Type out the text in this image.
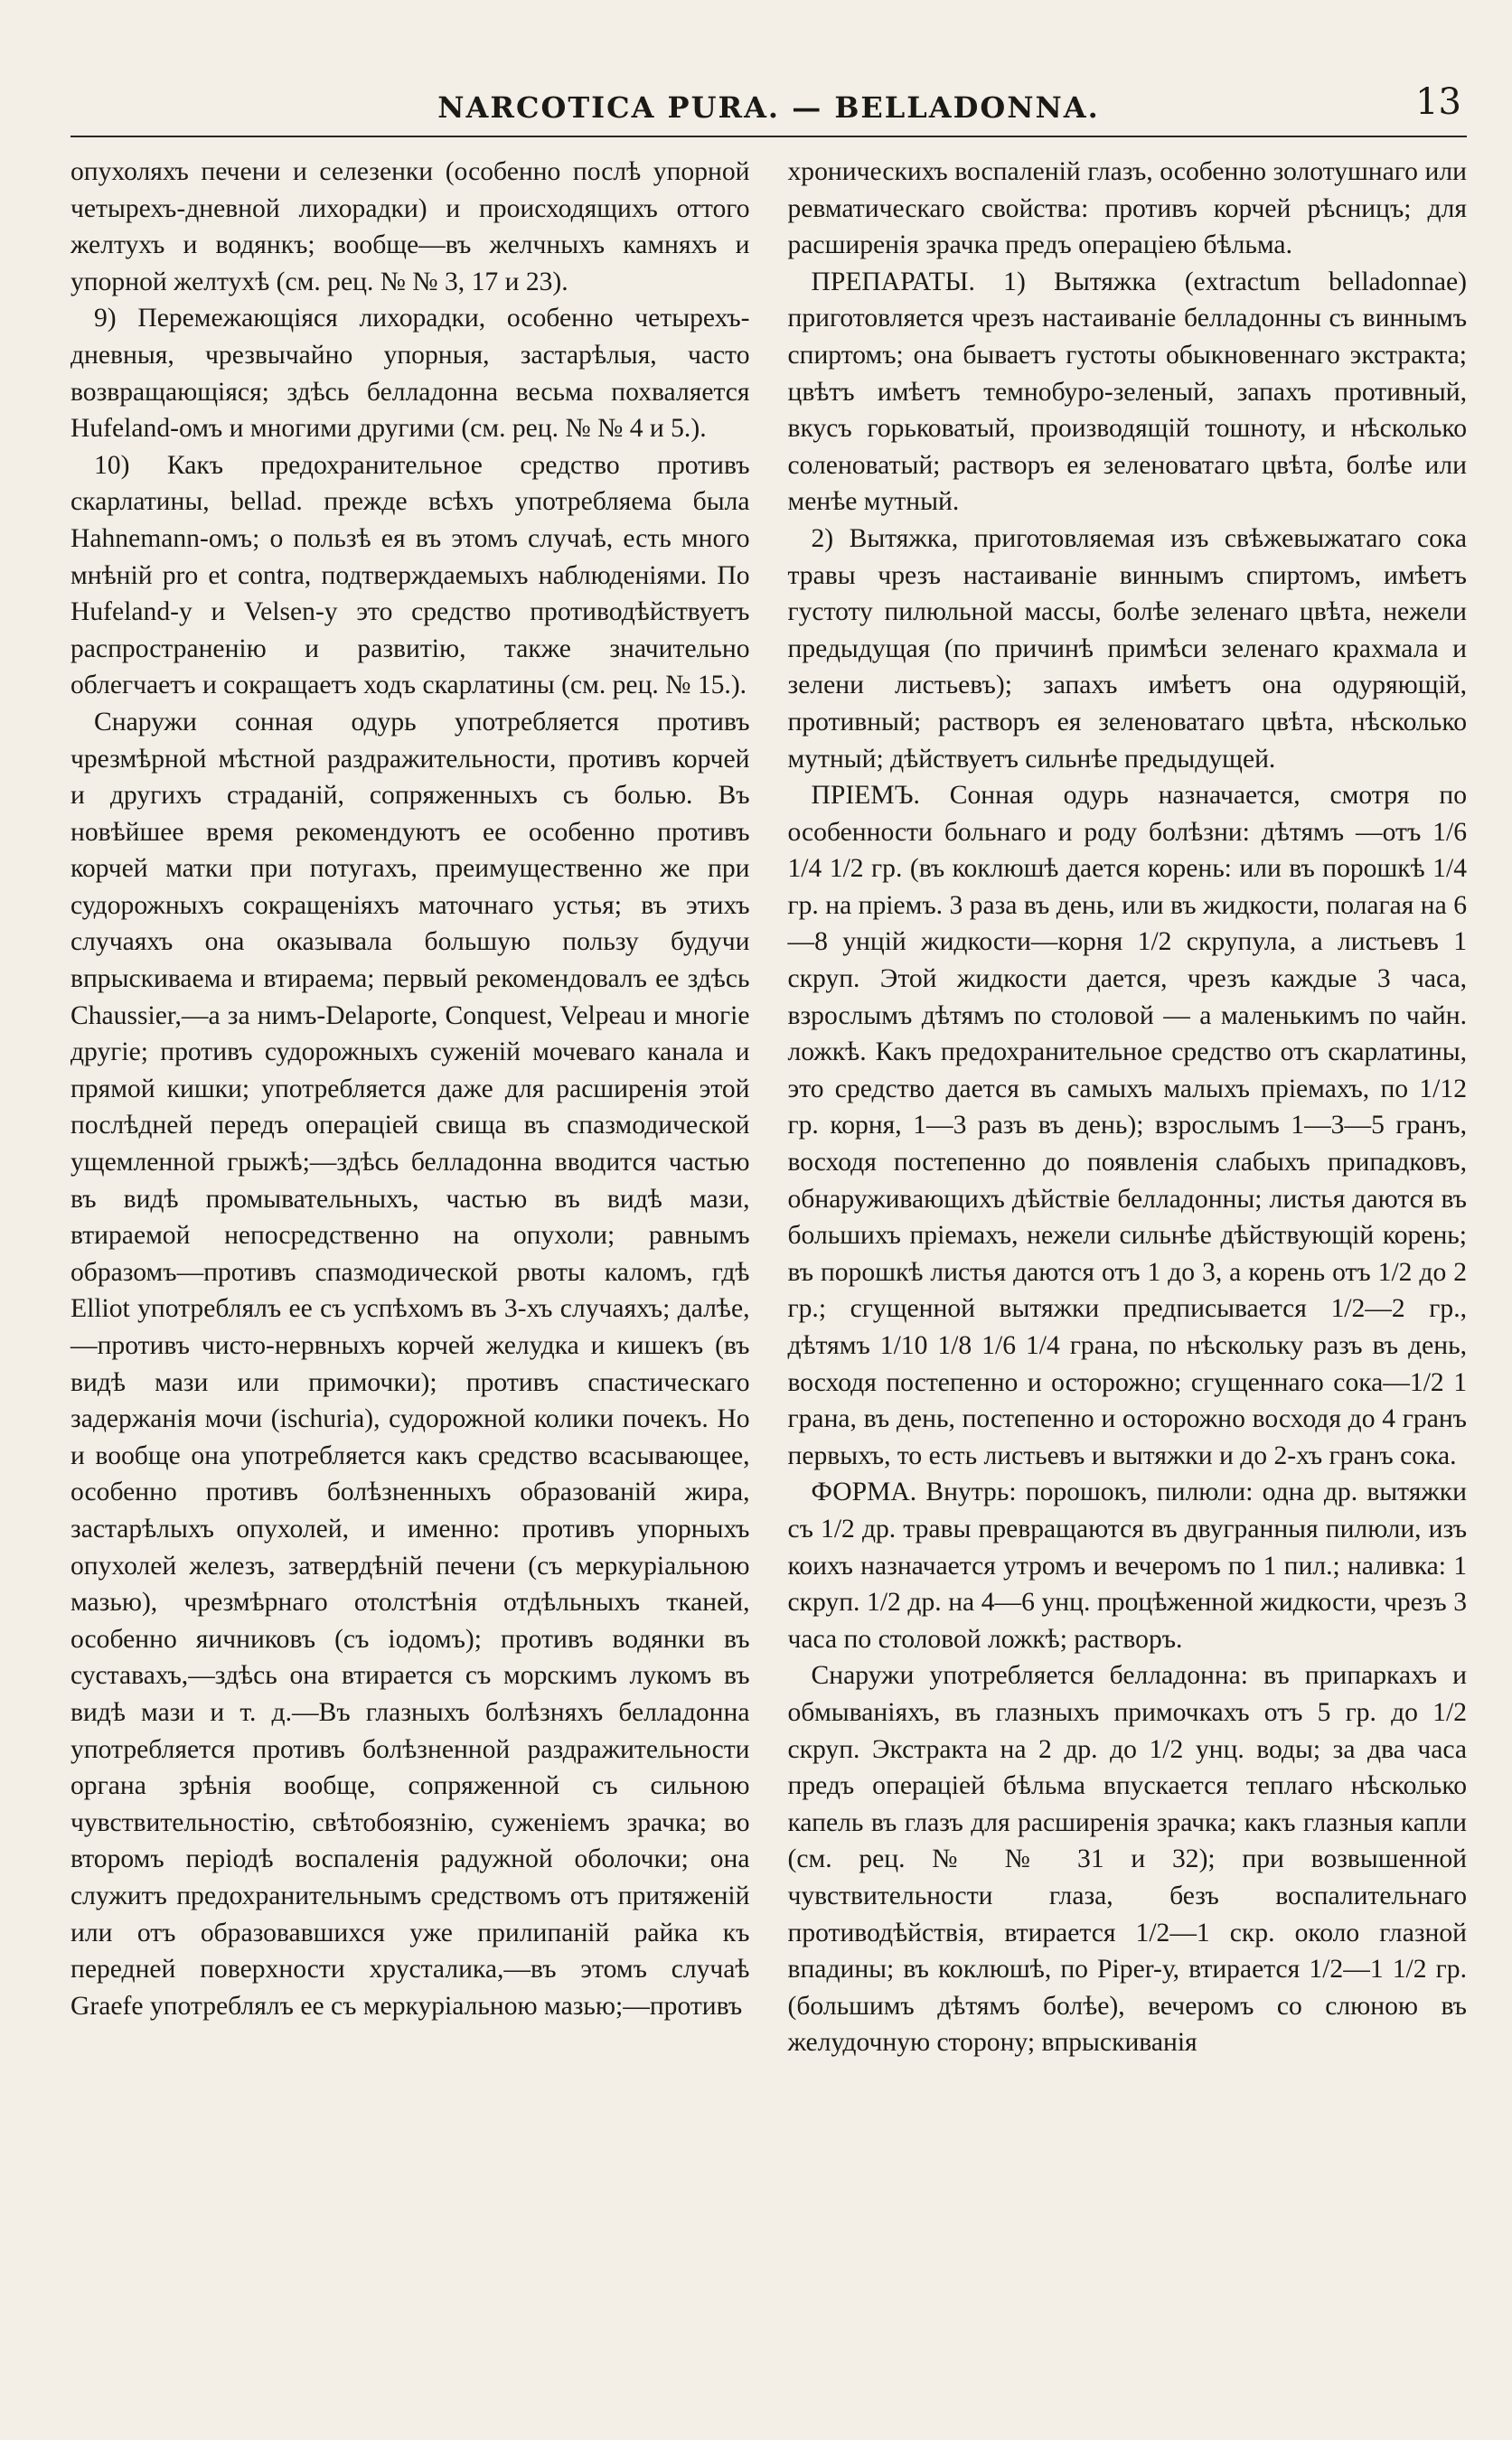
NARCOTICA PURA. — BELLADONNA.	13

опухоляхъ печени и селезенки (особенно послѣ упорной четырехъ-дневной лихорадки) и происходящихъ оттого желтухъ и водянкъ; вообще—въ желчныхъ камняхъ и упорной желтухѣ (см. рец. № № 3, 17 и 23).

9) Перемежающіяся лихорадки, особенно четырехъ-дневныя, чрезвычайно упорныя, застарѣлыя, часто возвращающіяся; здѣсь белладонна весьма похваляется Hufeland-омъ и многими другими (см. рец. № № 4 и 5.).

10) Какъ предохранительное средство противъ скарлатины, bellad. прежде всѣхъ употребляема была Hahnemann-омъ; о пользѣ ея въ этомъ случаѣ, есть много мнѣній pro et contra, подтверждаемыхъ наблюденіями. По Hufeland-у и Velsen-у это средство противодѣйствуетъ распространенію и развитію, также значительно облегчаетъ и сокращаетъ ходъ скарлатины (см. рец. № 15.).

Снаружи сонная одурь употребляется противъ чрезмѣрной мѣстной раздражительности, противъ корчей и другихъ страданій, сопряженныхъ съ болью. Въ новѣйшее время рекомендуютъ ее особенно противъ корчей матки при потугахъ, преимущественно же при судорожныхъ сокращеніяхъ маточнаго устья; въ этихъ случаяхъ она оказывала большую пользу будучи впрыскиваема и втираема; первый рекомендовалъ ее здѣсь Chaussier,—а за нимъ-Delaporte, Conquest, Velpeau и многіе другіе; противъ судорожныхъ суженій мочеваго канала и прямой кишки; употребляется даже для расширенія этой послѣдней передъ операціей свища въ спазмодической ущемленной грыжѣ;—здѣсь белладонна вводится частью въ видѣ промывательныхъ, частью въ видѣ мази, втираемой непосредственно на опухоли; равнымъ образомъ—противъ спазмодической рвоты каломъ, гдѣ Elliot употреблялъ ее съ успѣхомъ въ 3-хъ случаяхъ; далѣе,—противъ чисто-нервныхъ корчей желудка и кишекъ (въ видѣ мази или примочки); противъ спастическаго задержанія мочи (ischuria), судорожной колики почекъ. Но и вообще она употребляется какъ средство всасывающее, особенно противъ болѣзненныхъ образованій жира, застарѣлыхъ опухолей, и именно: противъ упорныхъ опухолей железъ, затвердѣній печени (съ меркуріальною мазью), чрезмѣрнаго отолстѣнія отдѣльныхъ тканей, особенно яичниковъ (съ іодомъ); противъ водянки въ суставахъ,—здѣсь она втирается съ морскимъ лукомъ въ видѣ мази и т. д.—Въ глазныхъ болѣзняхъ белладонна употребляется противъ болѣзненной раздражительности органа зрѣнія вообще, сопряженной съ сильною чувствительностію, свѣтобоязнію, суженіемъ зрачка; во второмъ періодѣ воспаленія радужной оболочки; она служитъ предохранительнымъ средствомъ отъ притяженій или отъ образовавшихся уже прилипаній райка къ передней поверхности хрусталика,—въ этомъ случаѣ Graefe употреблялъ ее съ меркуріальною мазью;—противъ

хроническихъ воспаленій глазъ, особенно золотушнаго или ревматическаго свойства: противъ корчей рѣсницъ; для расширенія зрачка предъ операціею бѣльма.

ПРЕПАРАТЫ. 1) Вытяжка (extractum belladonnae) приготовляется чрезъ настаиваніе белладонны съ виннымъ спиртомъ; она бываетъ густоты обыкновеннаго экстракта; цвѣтъ имѣетъ темнобуро-зеленый, запахъ противный, вкусъ горьковатый, производящій тошноту, и нѣсколько соленоватый; растворъ ея зеленоватаго цвѣта, болѣе или менѣе мутный.

2) Вытяжка, приготовляемая изъ свѣжевыжатаго сока травы чрезъ настаиваніе виннымъ спиртомъ, имѣетъ густоту пилюльной массы, болѣе зеленаго цвѣта, нежели предыдущая (по причинѣ примѣси зеленаго крахмала и зелени листьевъ); запахъ имѣетъ она одуряющій, противный; растворъ ея зеленоватаго цвѣта, нѣсколько мутный; дѣйствуетъ сильнѣе предыдущей.

ПРІЕМЪ. Сонная одурь назначается, смотря по особенности больнаго и роду болѣзни: дѣтямъ —отъ 1/6 1/4 1/2 гр. (въ коклюшѣ дается корень: или въ порошкѣ 1/4 гр. на пріемъ. 3 раза въ день, или въ жидкости, полагая на 6—8 унцій жидкости—корня 1/2 скрупула, а листьевъ 1 скруп. Этой жидкости дается, чрезъ каждые 3 часа, взрослымъ дѣтямъ по столовой — а маленькимъ по чайн. ложкѣ. Какъ предохранительное средство отъ скарлатины, это средство дается въ самыхъ малыхъ пріемахъ, по 1/12 гр. корня, 1—3 разъ въ день); взрослымъ 1—3—5 гранъ, восходя постепенно до появленія слабыхъ припадковъ, обнаруживающихъ дѣйствіе белладонны; листья даются въ большихъ пріемахъ, нежели сильнѣе дѣйствующій корень; въ порошкѣ листья даются отъ 1 до 3, а корень отъ 1/2 до 2 гр.; сгущенной вытяжки предписывается 1/2—2 гр., дѣтямъ 1/10 1/8 1/6 1/4 грана, по нѣскольку разъ въ день, восходя постепенно и осторожно; сгущеннаго сока—1/2 1 грана, въ день, постепенно и осторожно восходя до 4 гранъ первыхъ, то есть листьевъ и вытяжки и до 2-хъ гранъ сока.

ФОРМА. Внутрь: порошокъ, пилюли: одна др. вытяжки съ 1/2 др. травы превращаются въ двугранныя пилюли, изъ коихъ назначается утромъ и вечеромъ по 1 пил.; наливка: 1 скруп. 1/2 др. на 4—6 унц. процѣженной жидкости, чрезъ 3 часа по столовой ложкѣ; растворъ.

Снаружи употребляется белладонна: въ припаркахъ и обмываніяхъ, въ глазныхъ примочкахъ отъ 5 гр. до 1/2 скруп. Экстракта на 2 др. до 1/2 унц. воды; за два часа предъ операціей бѣльма впускается теплаго нѣсколько капель въ глазъ для расширенія зрачка; какъ глазныя капли (см. рец. № № 31 и 32); при возвышенной чувствительности глаза, безъ воспалительнаго противодѣйствія, втирается 1/2—1 скр. около глазной впадины; въ коклюшѣ, по Piper-у, втирается 1/2—1 1/2 гр. (большимъ дѣтямъ болѣе), вечеромъ со слюною въ желудочную сторону; впрыскиванія
